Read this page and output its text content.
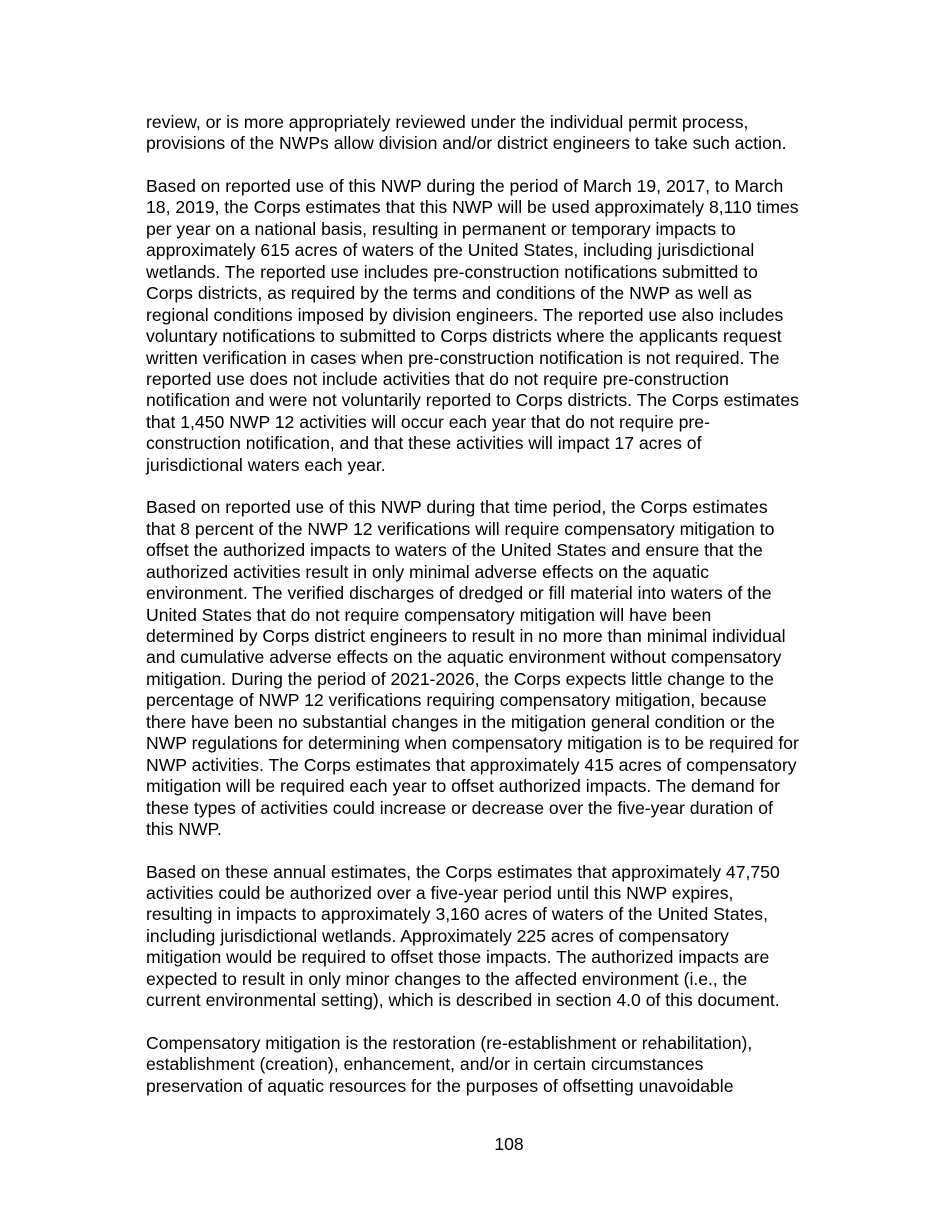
review, or is more appropriately reviewed under the individual permit process,
provisions of the NWPs allow division and/or district engineers to take such action.

Based on reported use of this NWP during the period of March 19, 2017, to March
18, 2019, the Corps estimates that this NWP will be used approximately 8,110 times
per year on a national basis, resulting in permanent or temporary impacts to
approximately 615 acres of waters of the United States, including jurisdictional
wetlands. The reported use includes pre-construction notifications submitted to
Corps districts, as required by the terms and conditions of the NWP as well as
regional conditions imposed by division engineers. The reported use also includes
voluntary notifications to submitted to Corps districts where the applicants request
written verification in cases when pre-construction notification is not required. The
reported use does not include activities that do not require pre-construction
notification and were not voluntarily reported to Corps districts. The Corps estimates
that 1,450 NWP 12 activities will occur each year that do not require pre-
construction notification, and that these activities will impact 17 acres of
jurisdictional waters each year.

Based on reported use of this NWP during that time period, the Corps estimates
that 8 percent of the NWP 12 verifications will require compensatory mitigation to
offset the authorized impacts to waters of the United States and ensure that the
authorized activities result in only minimal adverse effects on the aquatic
environment. The verified discharges of dredged or fill material into waters of the
United States that do not require compensatory mitigation will have been
determined by Corps district engineers to result in no more than minimal individual
and cumulative adverse effects on the aquatic environment without compensatory
mitigation. During the period of 2021-2026, the Corps expects little change to the
percentage of NWP 12 verifications requiring compensatory mitigation, because
there have been no substantial changes in the mitigation general condition or the
NWP regulations for determining when compensatory mitigation is to be required for
NWP activities. The Corps estimates that approximately 415 acres of compensatory
mitigation will be required each year to offset authorized impacts. The demand for
these types of activities could increase or decrease over the five-year duration of
this NWP.

Based on these annual estimates, the Corps estimates that approximately 47,750
activities could be authorized over a five-year period until this NWP expires,
resulting in impacts to approximately 3,160 acres of waters of the United States,
including jurisdictional wetlands. Approximately 225 acres of compensatory
mitigation would be required to offset those impacts. The authorized impacts are
expected to result in only minor changes to the affected environment (i.e., the
current environmental setting), which is described in section 4.0 of this document.

Compensatory mitigation is the restoration (re-establishment or rehabilitation),
establishment (creation), enhancement, and/or in certain circumstances
preservation of aquatic resources for the purposes of offsetting unavoidable

108
